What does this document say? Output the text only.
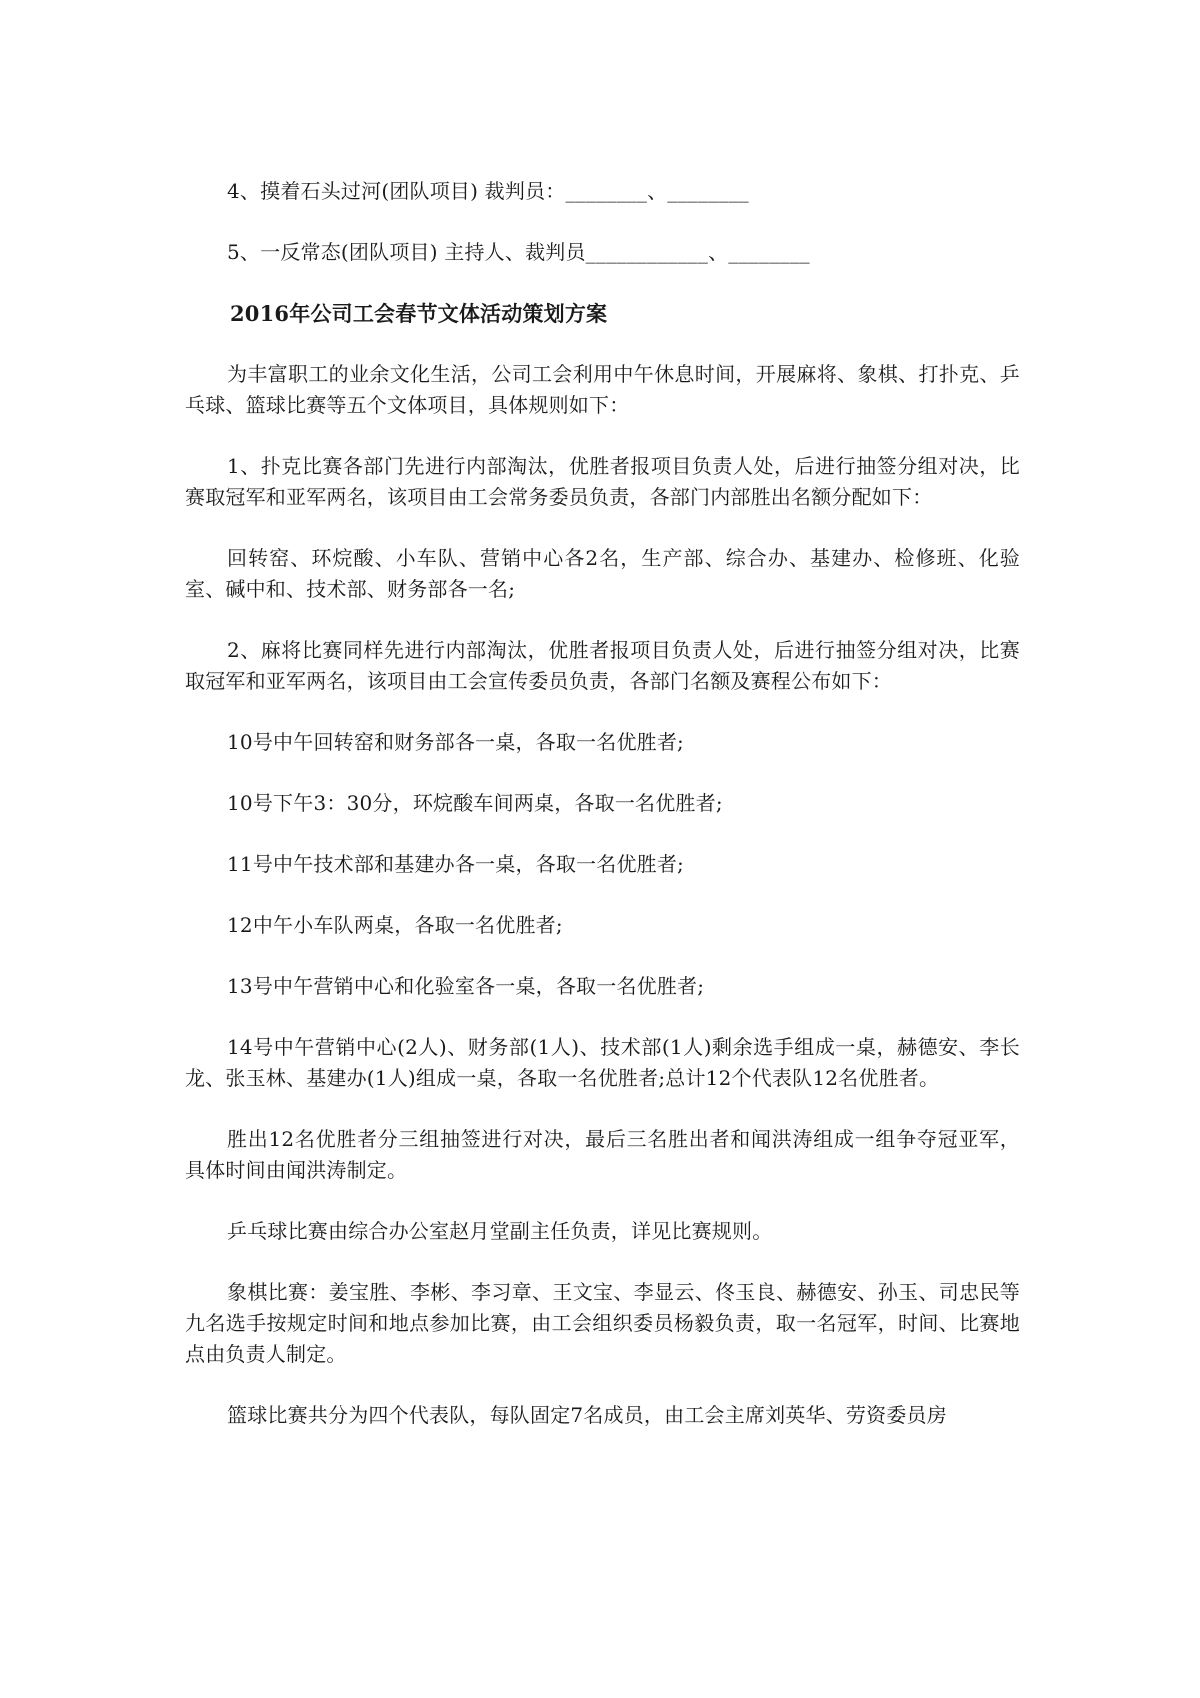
4、摸着石头过河(团队项目) 裁判员：________、________

5、一反常态(团队项目) 主持人、裁判员____________、________

2016年公司工会春节文体活动策划方案

为丰富职工的业余文化生活，公司工会利用中午休息时间，开展麻将、象棋、打扑克、乒乓球、篮球比赛等五个文体项目，具体规则如下：

1、扑克比赛各部门先进行内部淘汰，优胜者报项目负责人处，后进行抽签分组对决，比赛取冠军和亚军两名，该项目由工会常务委员负责，各部门内部胜出名额分配如下：

回转窑、环烷酸、小车队、营销中心各2名，生产部、综合办、基建办、检修班、化验室、碱中和、技术部、财务部各一名;

2、麻将比赛同样先进行内部淘汰，优胜者报项目负责人处，后进行抽签分组对决，比赛取冠军和亚军两名，该项目由工会宣传委员负责，各部门名额及赛程公布如下：

10号中午回转窑和财务部各一桌，各取一名优胜者;

10号下午3：30分，环烷酸车间两桌，各取一名优胜者;

11号中午技术部和基建办各一桌，各取一名优胜者;

12中午小车队两桌，各取一名优胜者;

13号中午营销中心和化验室各一桌，各取一名优胜者;

14号中午营销中心(2人)、财务部(1人)、技术部(1人)剩余选手组成一桌，赫德安、李长龙、张玉林、基建办(1人)组成一桌，各取一名优胜者;总计12个代表队12名优胜者。

胜出12名优胜者分三组抽签进行对决，最后三名胜出者和闻洪涛组成一组争夺冠亚军，具体时间由闻洪涛制定。

乒乓球比赛由综合办公室赵月堂副主任负责，详见比赛规则。

象棋比赛：姜宝胜、李彬、李习章、王文宝、李显云、佟玉良、赫德安、孙玉、司忠民等九名选手按规定时间和地点参加比赛，由工会组织委员杨毅负责，取一名冠军，时间、比赛地点由负责人制定。

篮球比赛共分为四个代表队，每队固定7名成员，由工会主席刘英华、劳资委员房
